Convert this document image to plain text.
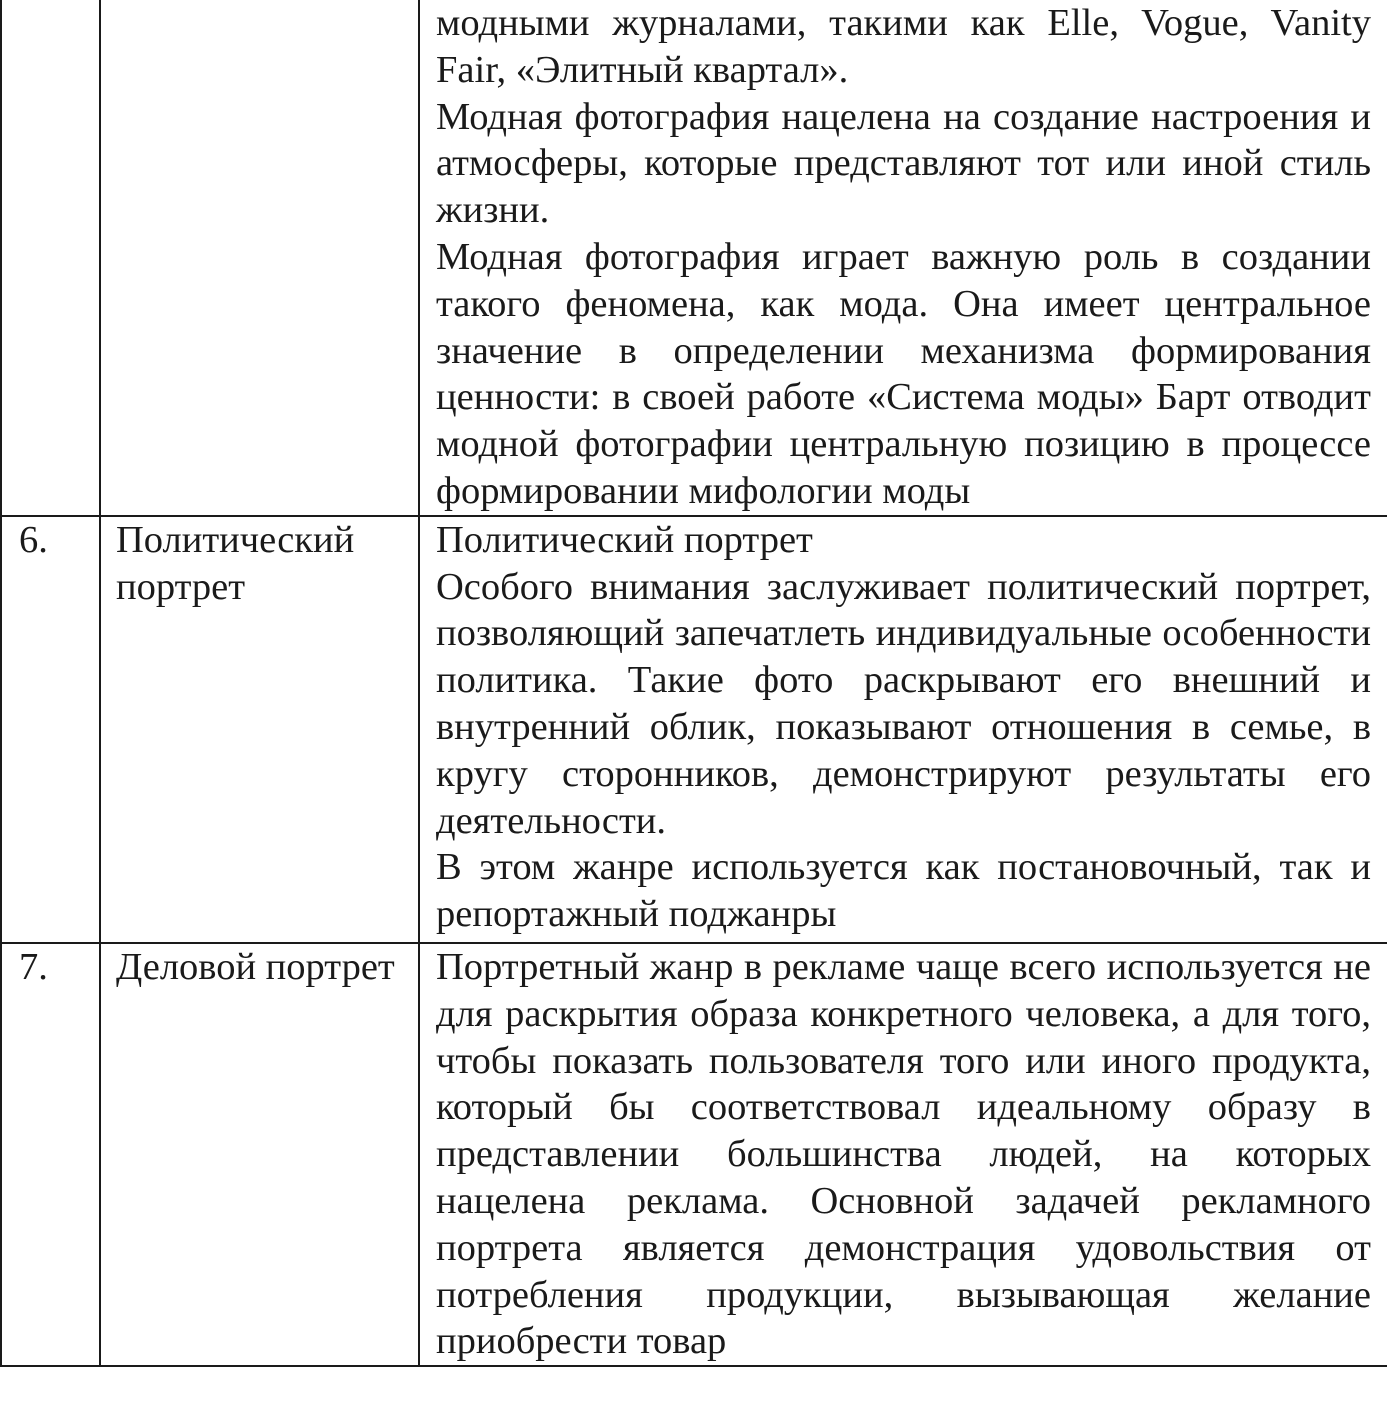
		модными журналами, такими как Elle, Vogue, Vanity Fair, «Элитный квартал».
Модная фотография нацелена на создание настроения и атмосферы, которые представляют тот или иной стиль жизни.
Модная фотография играет важную роль в создании такого феномена, как мода. Она имеет центральное значение в определении механизма формирования ценности: в своей работе «Система моды» Барт отводит модной фотографии центральную позицию в процессе формировании мифологии моды

6.	Политический портрет	Политический портрет
Особого внимания заслуживает политический портрет, позволяющий запечатлеть индивидуальные особенности политика. Такие фото раскрывают его внешний и внутренний облик, показывают отношения в семье, в кругу сторонников, демонстрируют результаты его деятельности.
В этом жанре используется как постановочный, так и репортажный поджанры

7.	Деловой портрет	Портретный жанр в рекламе чаще всего используется не для раскрытия образа конкретного человека, а для того, чтобы показать пользователя того или иного продукта, который бы соответствовал идеальному образу в представлении большинства людей, на которых нацелена реклама. Основной задачей рекламного портрета является демонстрация удовольствия от потребления продукции, вызывающая желание приобрести товар
